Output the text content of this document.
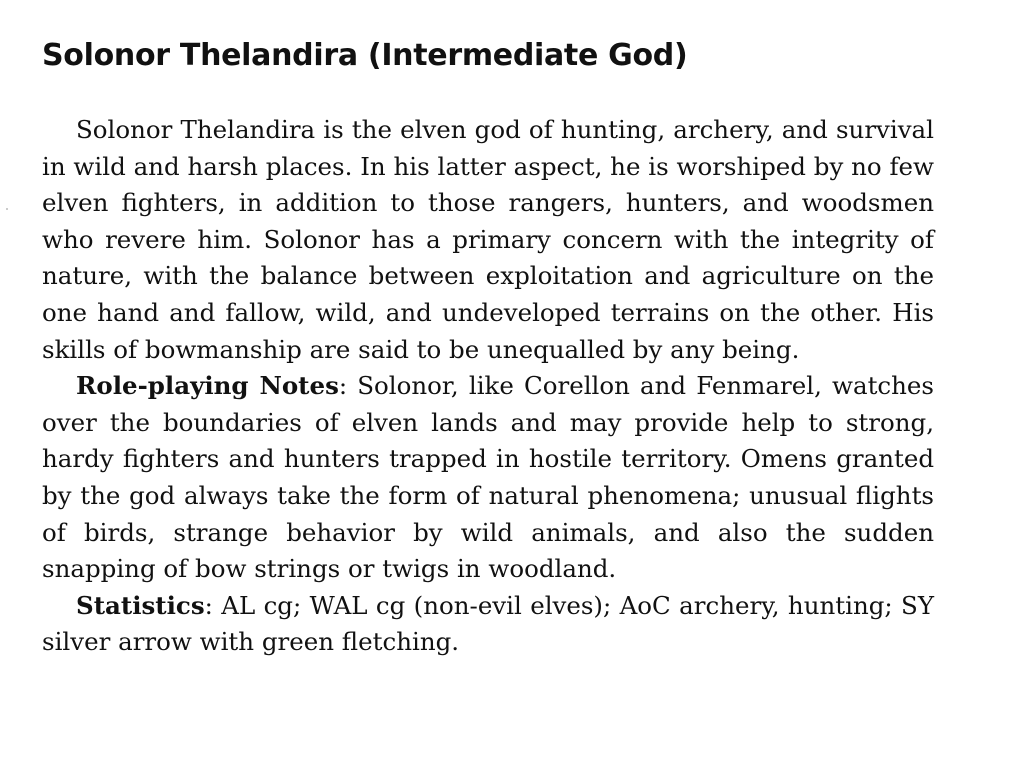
Solonor Thelandira (Intermediate God)

Solonor Thelandira is the elven god of hunting, archery, and survival in wild and harsh places. In his latter aspect, he is worshiped by no few elven fighters, in addition to those rangers, hunters, and woodsmen who revere him. Solonor has a primary concern with the integrity of nature, with the balance between exploitation and agriculture on the one hand and fallow, wild, and undeveloped terrains on the other. His skills of bowmanship are said to be unequalled by any being.

Role-playing Notes: Solonor, like Corellon and Fenmarel, watches over the boundaries of elven lands and may provide help to strong, hardy fighters and hunters trapped in hostile territory. Omens granted by the god always take the form of natural phenomena; unusual flights of birds, strange behavior by wild animals, and also the sudden snapping of bow strings or twigs in woodland.

Statistics: AL cg; WAL cg (non-evil elves); AoC archery, hunting; SY silver arrow with green fletching.
